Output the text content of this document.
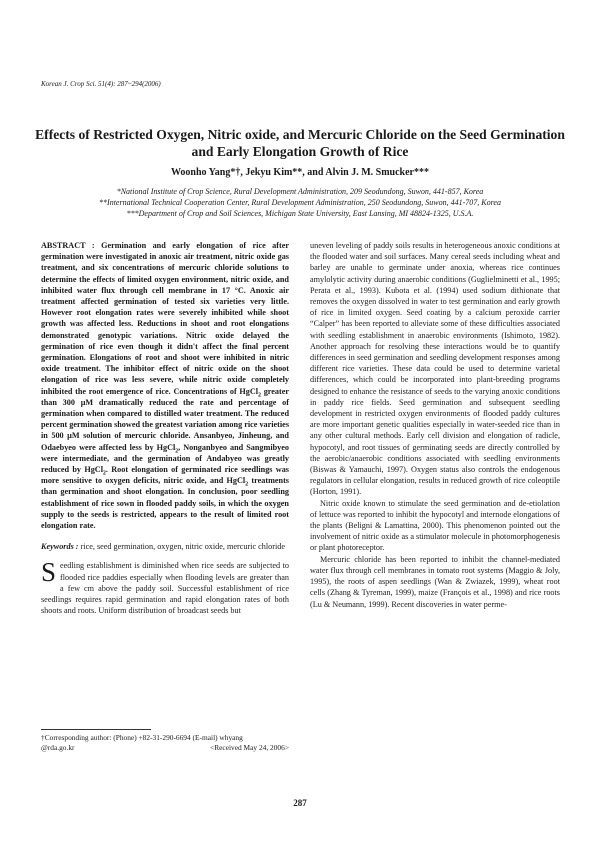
Korean J. Crop Sci. 51(4): 287~294(2006)
Effects of Restricted Oxygen, Nitric oxide, and Mercuric Chloride on the Seed Germination and Early Elongation Growth of Rice
Woonho Yang*†, Jekyu Kim**, and Alvin J. M. Smucker***
*National Institute of Crop Science, Rural Development Administration, 209 Seodundong, Suwon, 441-857, Korea
**International Technical Cooperation Center, Rural Development Administration, 250 Seodundong, Suwon, 441-707, Korea
***Department of Crop and Soil Sciences, Michigan State University, East Lansing, MI 48824-1325, U.S.A.

ABSTRACT : Germination and early elongation of rice after germination were investigated in anoxic air treatment, nitric oxide gas treatment, and six concentrations of mercuric chloride solutions to determine the effects of limited oxygen environment, nitric oxide, and inhibited water flux through cell membrane in 17 °C. Anoxic air treatment affected germination of tested six varieties very little. However root elongation rates were severely inhibited while shoot growth was affected less. Reductions in shoot and root elongations demonstrated genotypic variations. Nitric oxide delayed the germination of rice even though it didn't affect the final percent germination. Elongations of root and shoot were inhibited in nitric oxide treatment. The inhibitor effect of nitric oxide on the shoot elongation of rice was less severe, while nitric oxide completely inhibited the root emergence of rice. Concentrations of HgCl$_2$ greater than 300 µM dramatically reduced the rate and percentage of germination when compared to distilled water treatment. The reduced percent germination showed the greatest variation among rice varieties in 500 µM solution of mercuric chloride. Ansanbyeo, Jinheung, and Odaebyeo were affected less by HgCl$_2$, Nonganbyeo and Sangmibyeo were intermediate, and the germination of Andabyeo was greatly reduced by HgCl$_2$. Root elongation of germinated rice seedlings was more sensitive to oxygen deficits, nitric oxide, and HgCl$_2$ treatments than germination and shoot elongation. In conclusion, poor seedling establishment of rice sown in flooded paddy soils, in which the oxygen supply to the seeds is restricted, appears to the result of limited root elongation rate.

Keywords : rice, seed germination, oxygen, nitric oxide, mercuric chloride

Seedling establishment is diminished when rice seeds are subjected to flooded rice paddies especially when flooding levels are greater than a few cm above the paddy soil. Successful establishment of rice seedlings requires rapid germination and rapid elongation rates of both shoots and roots. Uniform distribution of broadcast seeds but

†Corresponding author: (Phone) +82-31-290-6694 (E-mail) whyang
@rda.go.kr	<Received May 24, 2006>

uneven leveling of paddy soils results in heterogeneous anoxic conditions at the flooded water and soil surfaces. Many cereal seeds including wheat and barley are unable to germinate under anoxia, whereas rice continues amylolytic activity during anaerobic conditions (Guglielminetti et al., 1995; Perata et al., 1993). Kubota et al. (1994) used sodium dithionate that removes the oxygen dissolved in water to test germination and early growth of rice in limited oxygen. Seed coating by a calcium peroxide carrier “Calper” has been reported to alleviate some of these difficulties associated with seedling establishment in anaerobic environments (Ishimoto, 1982). Another approach for resolving these interactions would be to quantify differences in seed germination and seedling development responses among different rice varieties. These data could be used to determine varietal differences, which could be incorporated into plant-breeding programs designed to enhance the resistance of seeds to the varying anoxic conditions in paddy rice fields. Seed germination and subsequent seedling development in restricted oxygen environments of flooded paddy cultures are more important genetic qualities especially in water-seeded rice than in any other cultural methods. Early cell division and elongation of radicle, hypocotyl, and root tissues of germinating seeds are directly controlled by the aerobic/anaerobic conditions associated with seedling environments (Biswas & Yamauchi, 1997). Oxygen status also controls the endogenous regulators in cellular elongation, results in reduced growth of rice coleoptile (Horton, 1991).

Nitric oxide known to stimulate the seed germination and de-etiolation of lettuce was reported to inhibit the hypocotyl and internode elongations of the plants (Beligni & Lamattina, 2000). This phenomenon pointed out the involvement of nitric oxide as a stimulator molecule in photomorphogenesis or plant photoreceptor.

Mercuric chloride has been reported to inhibit the channel-mediated water flux through cell membranes in tomato root systems (Maggio & Joly, 1995), the roots of aspen seedlings (Wan & Zwiazek, 1999), wheat root cells (Zhang & Tyreman, 1999), maize (François et al., 1998) and rice roots (Lu & Neumann, 1999). Recent discoveries in water perme-

287
